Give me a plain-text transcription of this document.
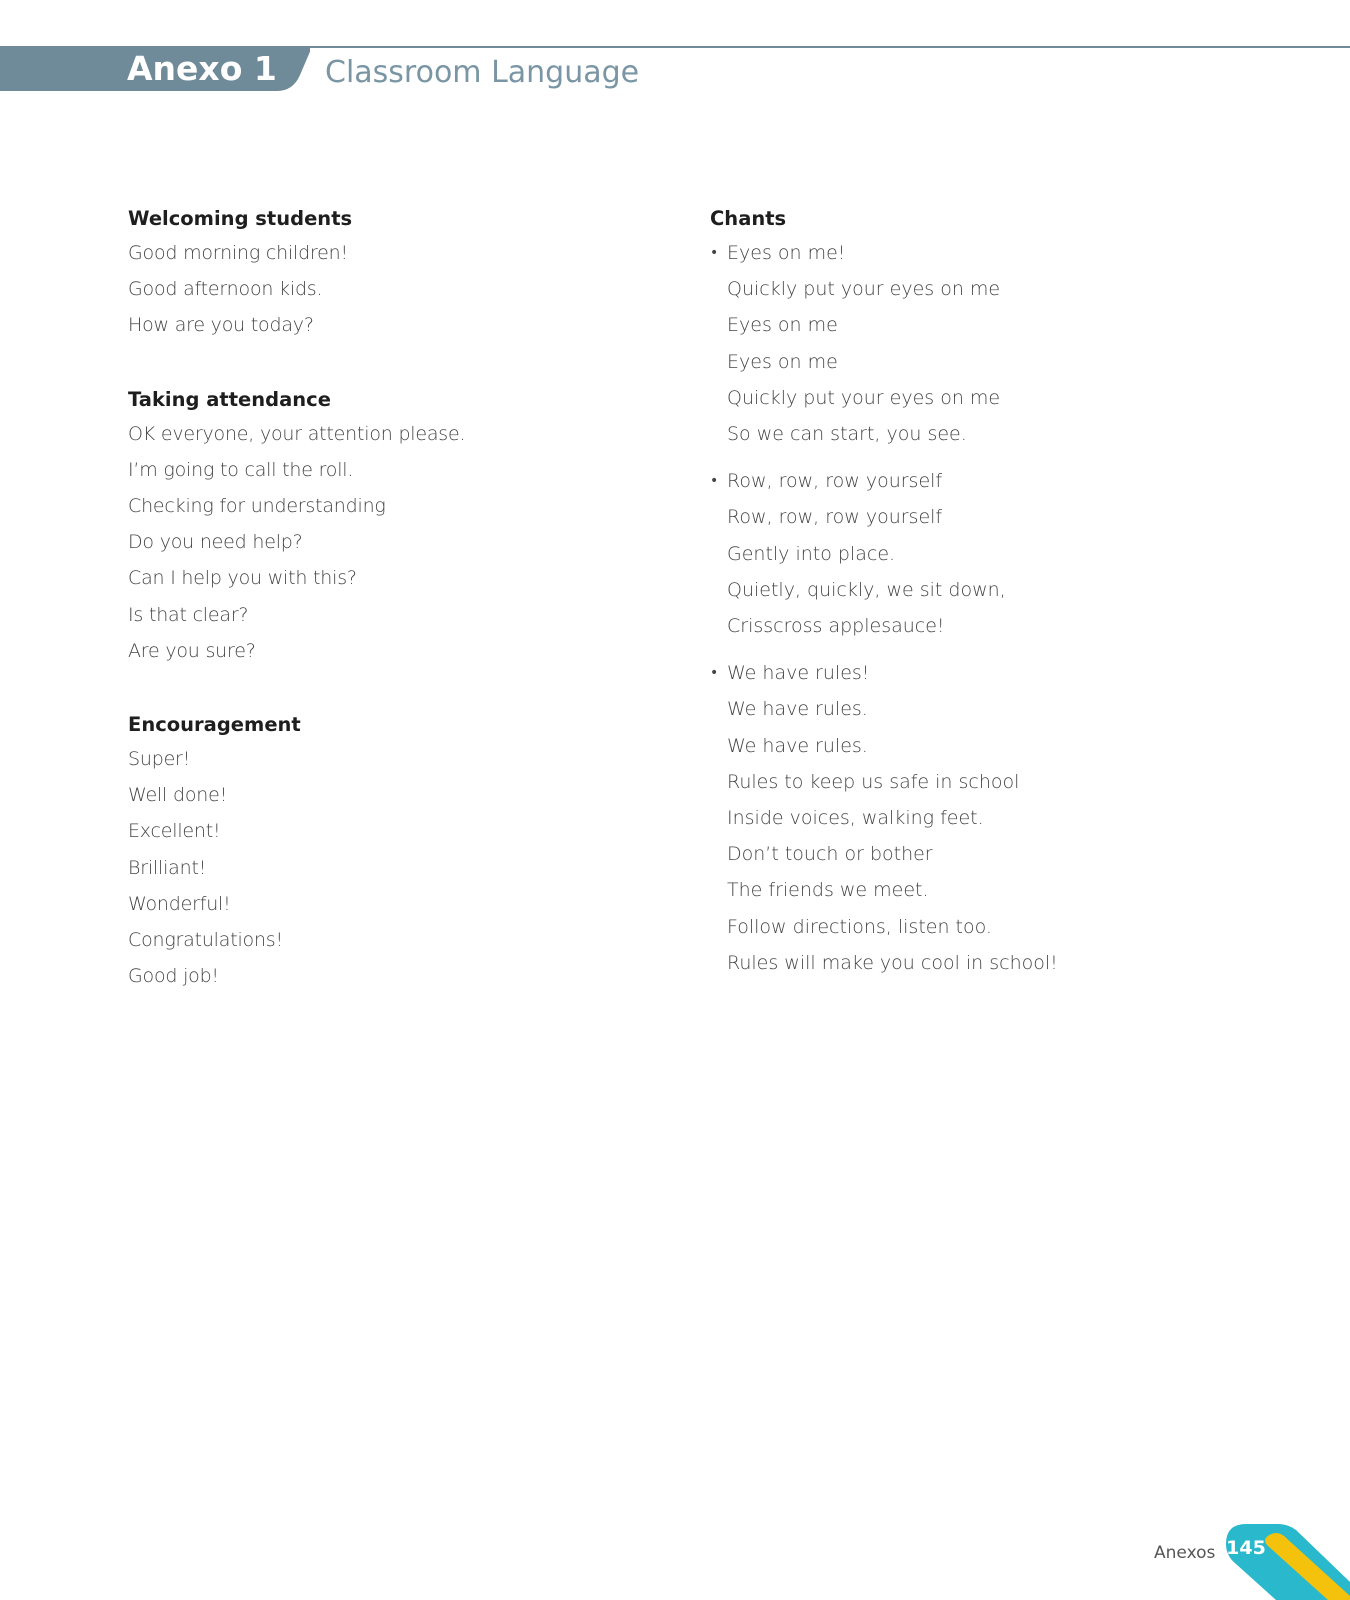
Anexo 1 Classroom Language
Welcoming students
Good morning children!
Good afternoon kids.
How are you today?
Taking attendance
OK everyone, your attention please.
I’m going to call the roll.
Checking for understanding
Do you need help?
Can I help you with this?
Is that clear?
Are you sure?
Encouragement
Super!
Well done!
Excellent!
Brilliant!
Wonderful!
Congratulations!
Good job!
Chants
• Eyes on me!
Quickly put your eyes on me
Eyes on me
Eyes on me
Quickly put your eyes on me
So we can start, you see.
• Row, row, row yourself
Row, row, row yourself
Gently into place.
Quietly, quickly, we sit down,
Crisscross applesauce!
• We have rules!
We have rules.
We have rules.
Rules to keep us safe in school
Inside voices, walking feet.
Don’t touch or bother
The friends we meet.
Follow directions, listen too.
Rules will make you cool in school!
Anexos 145
